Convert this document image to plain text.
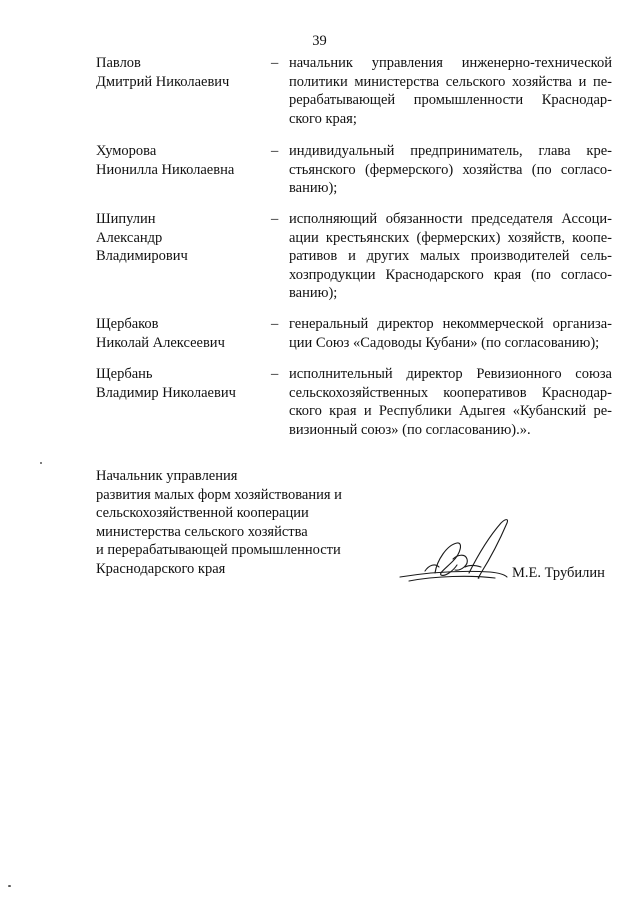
39
Павлов
Дмитрий Николаевич
– начальник управления инженерно-технической
политики министерства сельского хозяйства и пе-
рерабатывающей промышленности Краснодар-
ского края;
Хуморова
Нионилла Николаевна
– индивидуальный предприниматель, глава кре-
стьянского (фермерского) хозяйства (по согласо-
ванию);
Шипулин
Александр
Владимирович
– исполняющий обязанности председателя Ассоци-
ации крестьянских (фермерских) хозяйств, коопе-
ративов и других малых производителей сель-
хозпродукции Краснодарского края (по согласо-
ванию);
Щербаков
Николай Алексеевич
– генеральный директор некоммерческой организа-
ции Союз «Садоводы Кубани» (по согласованию);
Щербань
Владимир Николаевич
– исполнительный директор Ревизионного союза
сельскохозяйственных кооперативов Краснодар-
ского края и Республики Адыгея «Кубанский ре-
визионный союз» (по согласованию).».
Начальник управления
развития малых форм хозяйствования и
сельскохозяйственной кооперации
министерства сельского хозяйства
и перерабатывающей промышленности
Краснодарского края	М.Е. Трубилин
